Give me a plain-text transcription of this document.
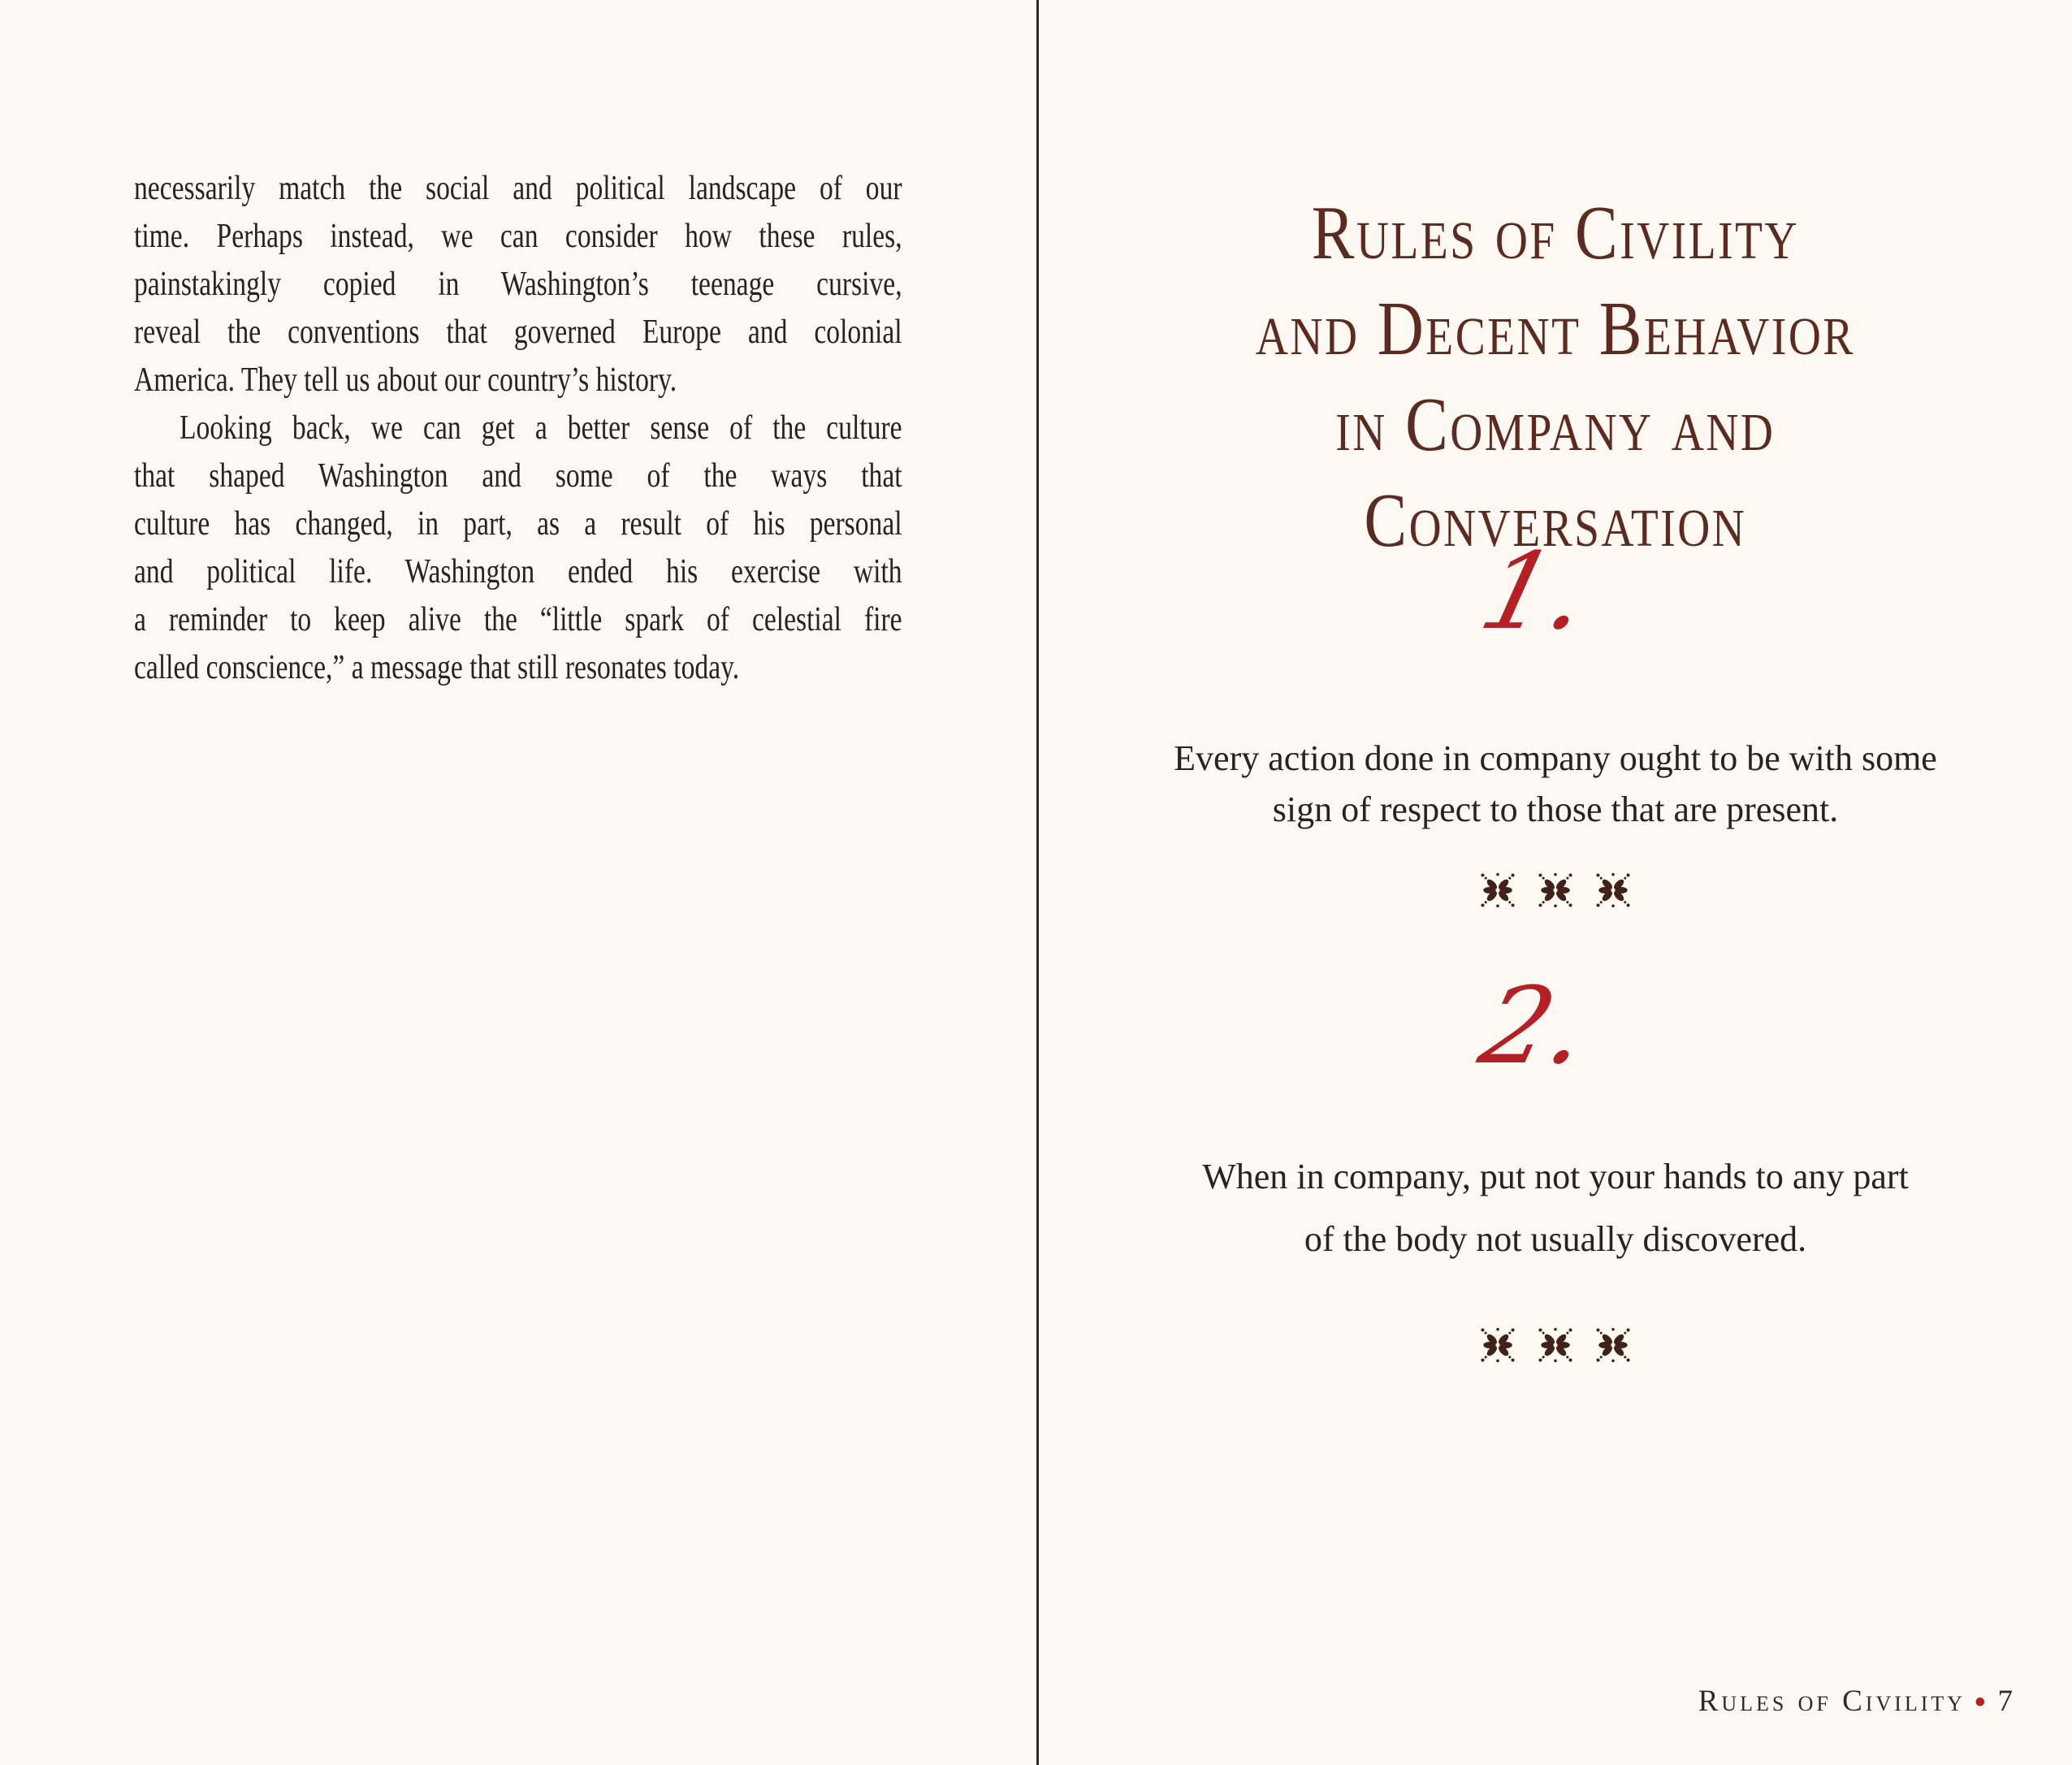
necessarily match the social and political landscape of our
time. Perhaps instead, we can consider how these rules,
painstakingly copied in Washington’s teenage cursive,
reveal the conventions that governed Europe and colonial
America. They tell us about our country’s history.
Looking back, we can get a better sense of the culture
that shaped Washington and some of the ways that
culture has changed, in part, as a result of his personal
and political life. Washington ended his exercise with
a reminder to keep alive the “little spark of celestial fire
called conscience,” a message that still resonates today.
Rules of Civility
and Decent Behavior
in Company and
Conversation
1.
Every action done in company ought to be with some
sign of respect to those that are present.
2.
When in company, put not your hands to any part
of the body not usually discovered.
Rules of Civility • 7
